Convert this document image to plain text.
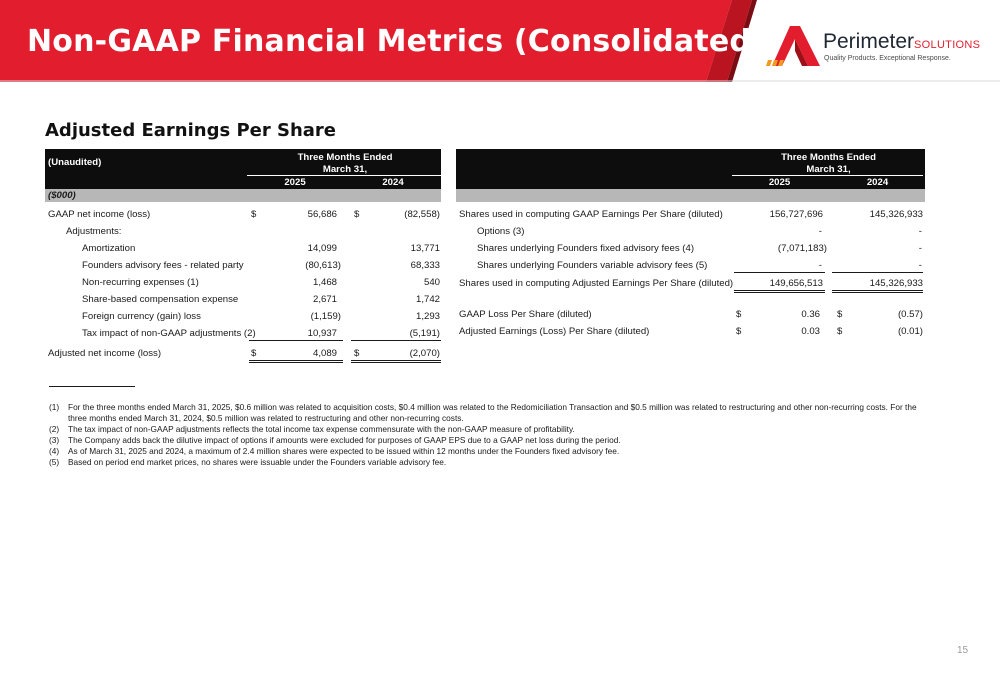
Non-GAAP Financial Metrics (Consolidated)	PerimeterSOLUTIONS
Quality Products. Exceptional Response.
Adjusted Earnings Per Share
(Unaudited)	Three Months Ended
March 31,
2025	2024
($000)
GAAP net income (loss)	$	56,686 $	(82,558)
Adjustments:
Amortization	14,099	13,771
Founders advisory fees - related party	(80,613)	68,333
Non-recurring expenses (1)	1,468	540
Share-based compensation expense	2,671	1,742
Foreign currency (gain) loss	(1,159)	1,293
Tax impact of non-GAAP adjustments (2)	10,937	(5,191)
Adjusted net income (loss)	$	4,089 $	(2,070)
Three Months Ended
March 31,
2025	2024
Shares used in computing GAAP Earnings Per Share (diluted)	156,727,696	145,326,933
Options (3)	-	-
Shares underlying Founders fixed advisory fees (4)	(7,071,183)	-
Shares underlying Founders variable advisory fees (5)	-	-
Shares used in computing Adjusted Earnings Per Share (diluted)	149,656,513	145,326,933
GAAP Loss Per Share (diluted)	$	0.36 $	(0.57)
Adjusted Earnings (Loss) Per Share (diluted)	$	0.03 $	(0.01)
(1) For the three months ended March 31, 2025, $0.6 million was related to acquisition costs, $0.4 million was related to the Redomiciliation Transaction and $0.5 million was related to restructuring and other non-recurring costs. For the three months ended March 31, 2024, $0.5 million was related to restructuring and other non-recurring costs.
(2) The tax impact of non-GAAP adjustments reflects the total income tax expense commensurate with the non-GAAP measure of profitability.
(3) The Company adds back the dilutive impact of options if amounts were excluded for purposes of GAAP EPS due to a GAAP net loss during the period.
(4) As of March 31, 2025 and 2024, a maximum of 2.4 million shares were expected to be issued within 12 months under the Founders fixed advisory fee.
(5) Based on period end market prices, no shares were issuable under the Founders variable advisory fee.
15
